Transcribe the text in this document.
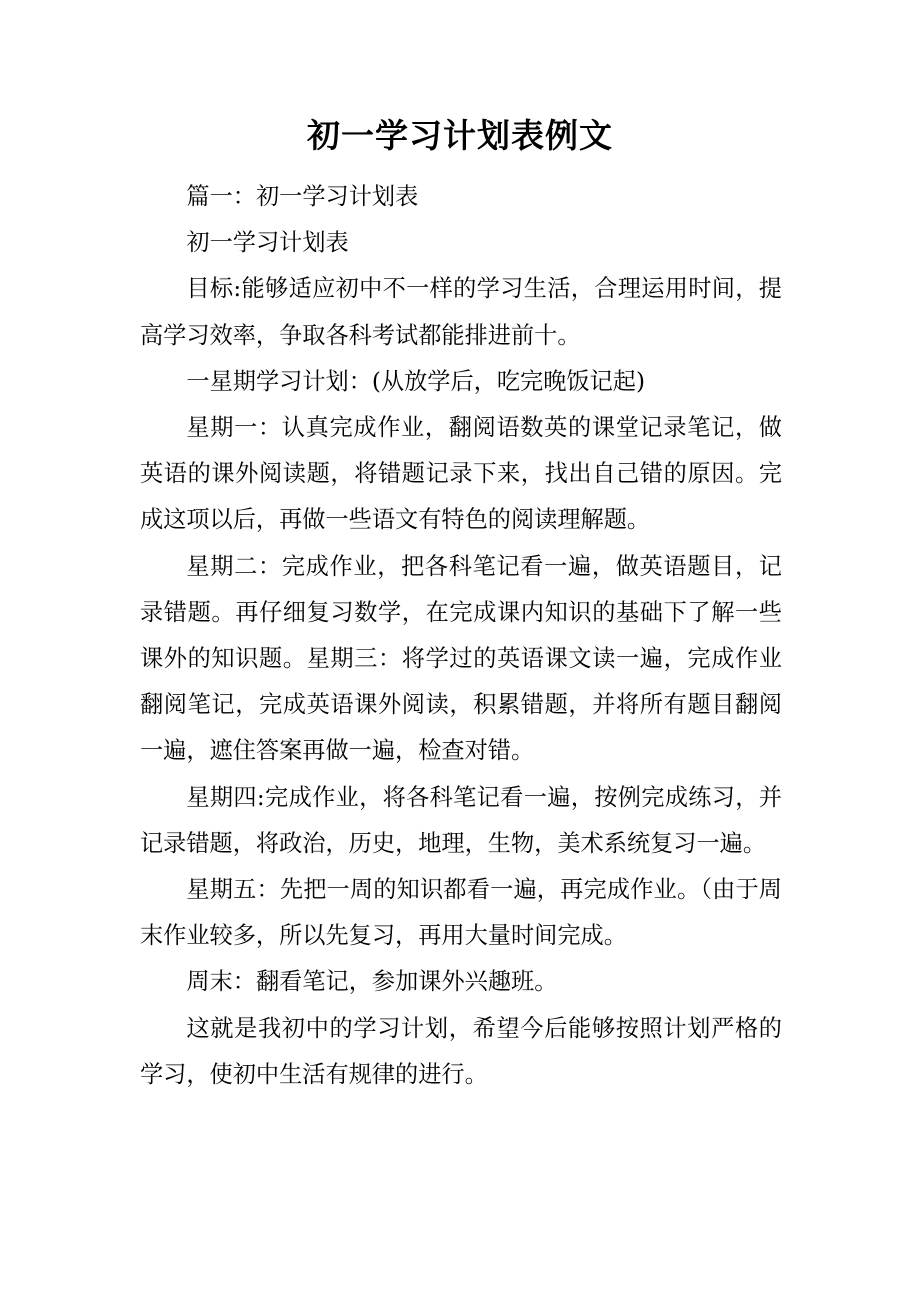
初一学习计划表例文

篇一：初一学习计划表

初一学习计划表

目标:能够适应初中不一样的学习生活，合理运用时间，提高学习效率，争取各科考试都能排进前十。

一星期学习计划：(从放学后，吃完晚饭记起)

星期一：认真完成作业，翻阅语数英的课堂记录笔记，做英语的课外阅读题，将错题记录下来，找出自己错的原因。完成这项以后，再做一些语文有特色的阅读理解题。

星期二：完成作业，把各科笔记看一遍，做英语题目，记录错题。再仔细复习数学，在完成课内知识的基础下了解一些课外的知识题。星期三：将学过的英语课文读一遍，完成作业翻阅笔记，完成英语课外阅读，积累错题，并将所有题目翻阅一遍，遮住答案再做一遍，检查对错。

星期四:完成作业，将各科笔记看一遍，按例完成练习，并记录错题，将政治，历史，地理，生物，美术系统复习一遍。

星期五：先把一周的知识都看一遍，再完成作业。（由于周末作业较多，所以先复习，再用大量时间完成。

周末：翻看笔记，参加课外兴趣班。

这就是我初中的学习计划，希望今后能够按照计划严格的学习，使初中生活有规律的进行。
